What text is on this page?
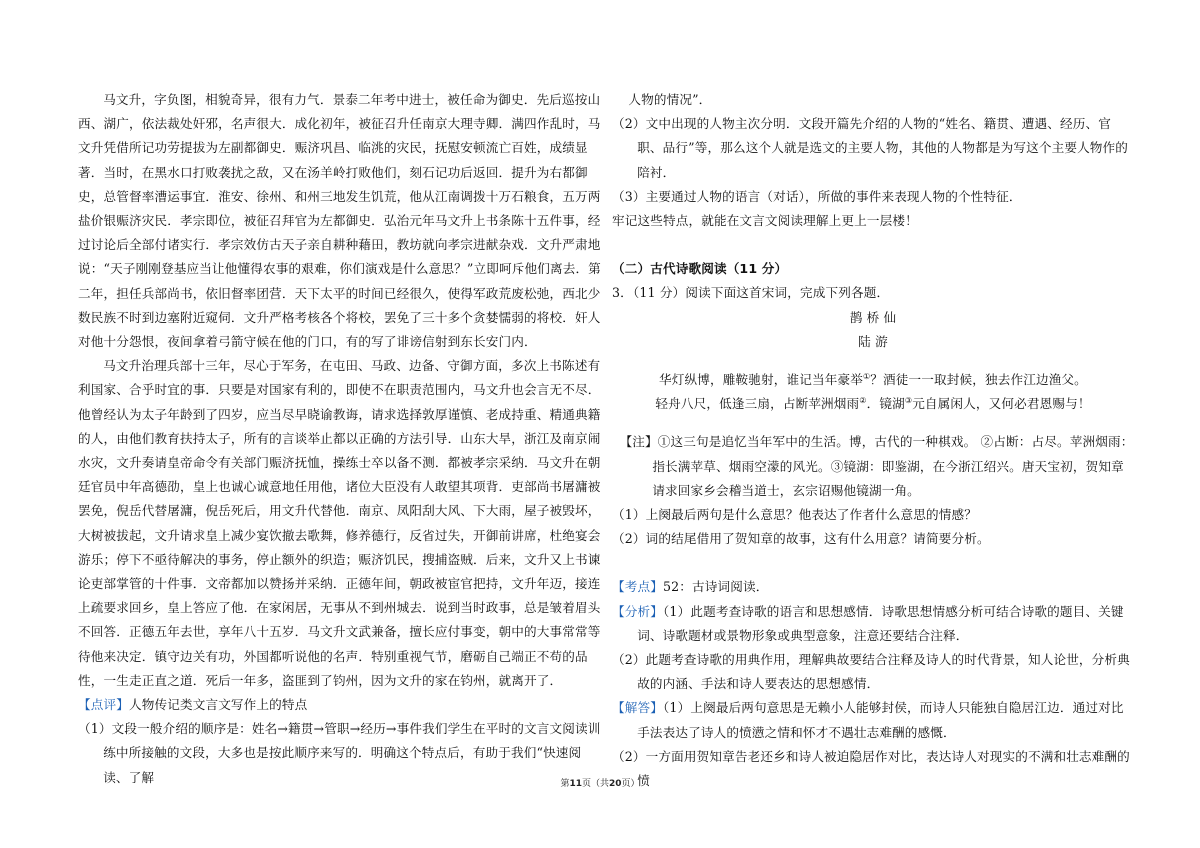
马文升，字负图，相貌奇异，很有力气．景泰二年考中进士，被任命为御史．先后巡按山西、湖广，依法裁处奸邪，名声很大．成化初年，被征召升任南京大理寺卿．满四作乱时，马文升凭借所记功劳提拔为左副都御史．赈济巩昌、临洮的灾民，抚慰安顿流亡百姓，成绩显著．当时，在黑水口打败袭扰之敌，又在汤羊岭打败他们，刻石记功后返回．提升为右都御史，总管督率漕运事宜．淮安、徐州、和州三地发生饥荒，他从江南调拨十万石粮食，五万两盐价银赈济灾民．孝宗即位，被征召拜官为左都御史．弘治元年马文升上书条陈十五件事，经过讨论后全部付诸实行．孝宗效仿古天子亲自耕种藉田，教坊就向孝宗进献杂戏．文升严肃地说：“天子刚刚登基应当让他懂得农事的艰难，你们演戏是什么意思？”立即呵斥他们离去．第二年，担任兵部尚书，依旧督率团营．天下太平的时间已经很久，使得军政荒废松弛，西北少数民族不时到边塞附近窥伺．文升严格考核各个将校，罢免了三十多个贪婪懦弱的将校．奸人对他十分怨恨，夜间拿着弓箭守候在他的门口，有的写了诽谤信射到东长安门内．

马文升治理兵部十三年，尽心于军务，在屯田、马政、边备、守御方面，多次上书陈述有利国家、合乎时宜的事．只要是对国家有利的，即使不在职责范围内，马文升也会言无不尽．他曾经认为太子年龄到了四岁，应当尽早晓谕教诲，请求选择敦厚谨慎、老成持重、精通典籍的人，由他们教育扶持太子，所有的言谈举止都以正确的方法引导．山东大旱，浙江及南京闹水灾，文升奏请皇帝命令有关部门赈济抚恤，操练士卒以备不测．都被孝宗采纳．马文升在朝廷官员中年高德劭，皇上也诚心诚意地任用他，诸位大臣没有人敢望其项背．吏部尚书屠滽被罢免，倪岳代替屠滽，倪岳死后，用文升代替他．南京、凤阳刮大风、下大雨，屋子被毁坏，大树被拔起，文升请求皇上减少宴饮撤去歌舞，修养德行，反省过失，开御前讲席，杜绝宴会游乐；停下不亟待解决的事务，停止额外的织造；赈济饥民，搜捕盗贼．后来，文升又上书谏论吏部掌管的十件事．文帝都加以赞扬并采纳．正德年间，朝政被宦官把持，文升年迈，接连上疏要求回乡，皇上答应了他．在家闲居，无事从不到州城去．说到当时政事，总是皱着眉头不回答．正德五年去世，享年八十五岁．马文升文武兼备，擅长应付事变，朝中的大事常常等待他来决定．镇守边关有功，外国都听说他的名声．特别重视气节，磨砺自己端正不苟的品性，一生走正直之道．死后一年多，盗匪到了钧州，因为文升的家在钧州，就离开了．

【点评】人物传记类文言文写作上的特点

（1）文段一般介绍的顺序是：姓名→籍贯→管职→经历→事件我们学生在平时的文言文阅读训练中所接触的文段，大多也是按此顺序来写的．明确这个特点后，有助于我们“快速阅读、了解

人物的情况”．

（2）文中出现的人物主次分明．文段开篇先介绍的人物的“姓名、籍贯、遭遇、经历、官职、品行”等，那么这个人就是选文的主要人物，其他的人物都是为写这个主要人物作的陪衬．

（3）主要通过人物的语言（对话），所做的事件来表现人物的个性特征．

牢记这些特点，就能在文言文阅读理解上更上一层楼！

（二）古代诗歌阅读（11 分）

3．（11 分）阅读下面这首宋词，完成下列各题．

鹊 桥 仙

陆 游

华灯纵博，雕鞍驰射，谁记当年豪举①？酒徒一一取封候，独去作江边渔父。

轻舟八尺，低逢三扇，占断苹洲烟雨②．镜湖③元自属闲人，又何必君恩赐与！

【注】①这三句是追忆当年军中的生活。博，古代的一种棋戏。 ②占断：占尽。苹洲烟雨：指长满苹草、烟雨空濛的风光。③镜湖：即鉴湖，在今浙江绍兴。唐天宝初，贺知章请求回家乡会稽当道士，玄宗诏赐他镜湖一角。

（1）上阕最后两句是什么意思？他表达了作者什么意思的情感？

（2）词的结尾借用了贺知章的故事，这有什么用意？请简要分析。

【考点】52：古诗词阅读．

【分析】（1）此题考查诗歌的语言和思想感情．诗歌思想情感分析可结合诗歌的题目、关键词、诗歌题材或景物形象或典型意象，注意还要结合注释．

（2）此题考查诗歌的用典作用，理解典故要结合注释及诗人的时代背景，知人论世，分析典故的内涵、手法和诗人要表达的思想感情．

【解答】（1）上阕最后两句意思是无赖小人能够封侯，而诗人只能独自隐居江边．通过对比手法表达了诗人的愤懑之情和怀才不遇壮志难酬的感慨．

（2）一方面用贺知章告老还乡和诗人被迫隐居作对比，表达诗人对现实的不满和壮志难酬的愤

第11页（共20页）
